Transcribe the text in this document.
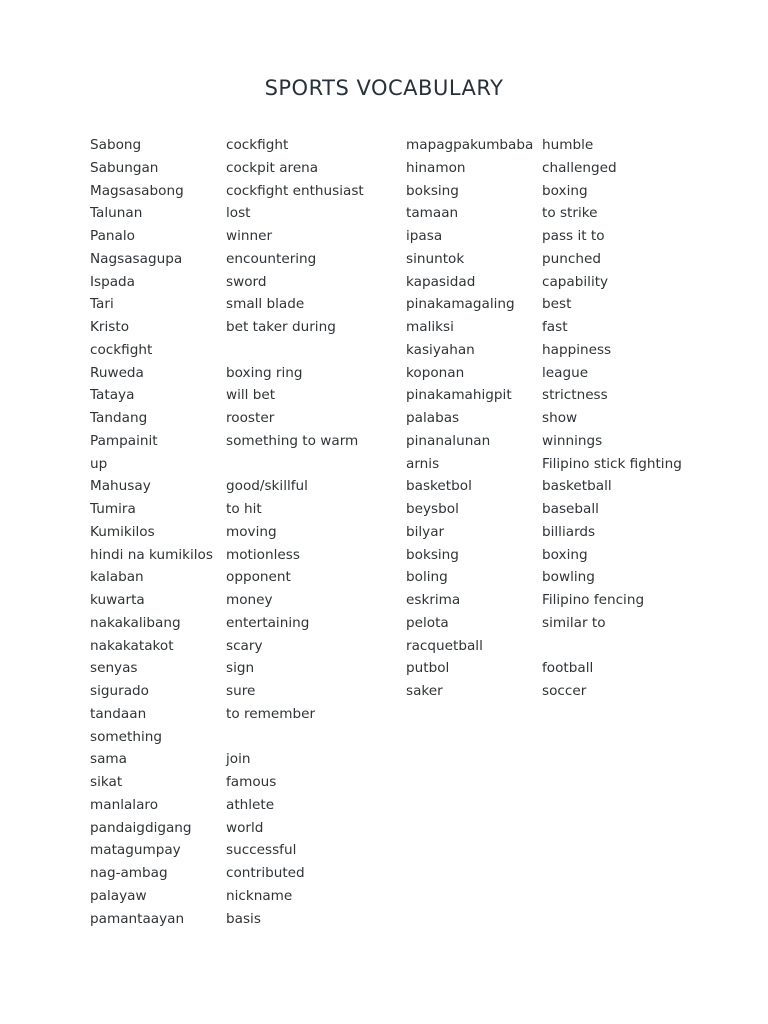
SPORTS VOCABULARY
Sabong
Sabungan
Magsasabong
Talunan
Panalo
Nagsasagupa
Ispada
Tari
Kristo
cockfight
Ruweda
Tataya
Tandang
Pampainit
up
Mahusay
Tumira
Kumikilos
hindi na kumikilos
kalaban
kuwarta
nakakalibang
nakakatakot
senyas
sigurado
tandaan
something
sama
sikat
manlalaro
pandaigdigang
matagumpay
nag-ambag
palayaw
pamantaayan
cockfight
cockpit arena
cockfight enthusiast
lost
winner
encountering
sword
small blade
bet taker during
boxing ring
will bet
rooster
something to warm
good/skillful
to hit
moving
motionless
opponent
money
entertaining
scary
sign
sure
to remember
join
famous
athlete
world
successful
contributed
nickname
basis
mapagpakumbaba
hinamon
boksing
tamaan
ipasa
sinuntok
kapasidad
pinakamagaling
maliksi
kasiyahan
koponan
pinakamahigpit
palabas
pinanalunan
arnis
basketbol
beysbol
bilyar
boksing
boling
eskrima
pelota
racquetball
putbol
saker
humble
challenged
boxing
to strike
pass it to
punched
capability
best
fast
happiness
league
strictness
show
winnings
Filipino stick fighting
basketball
baseball
billiards
boxing
bowling
Filipino fencing
similar to
football
soccer
